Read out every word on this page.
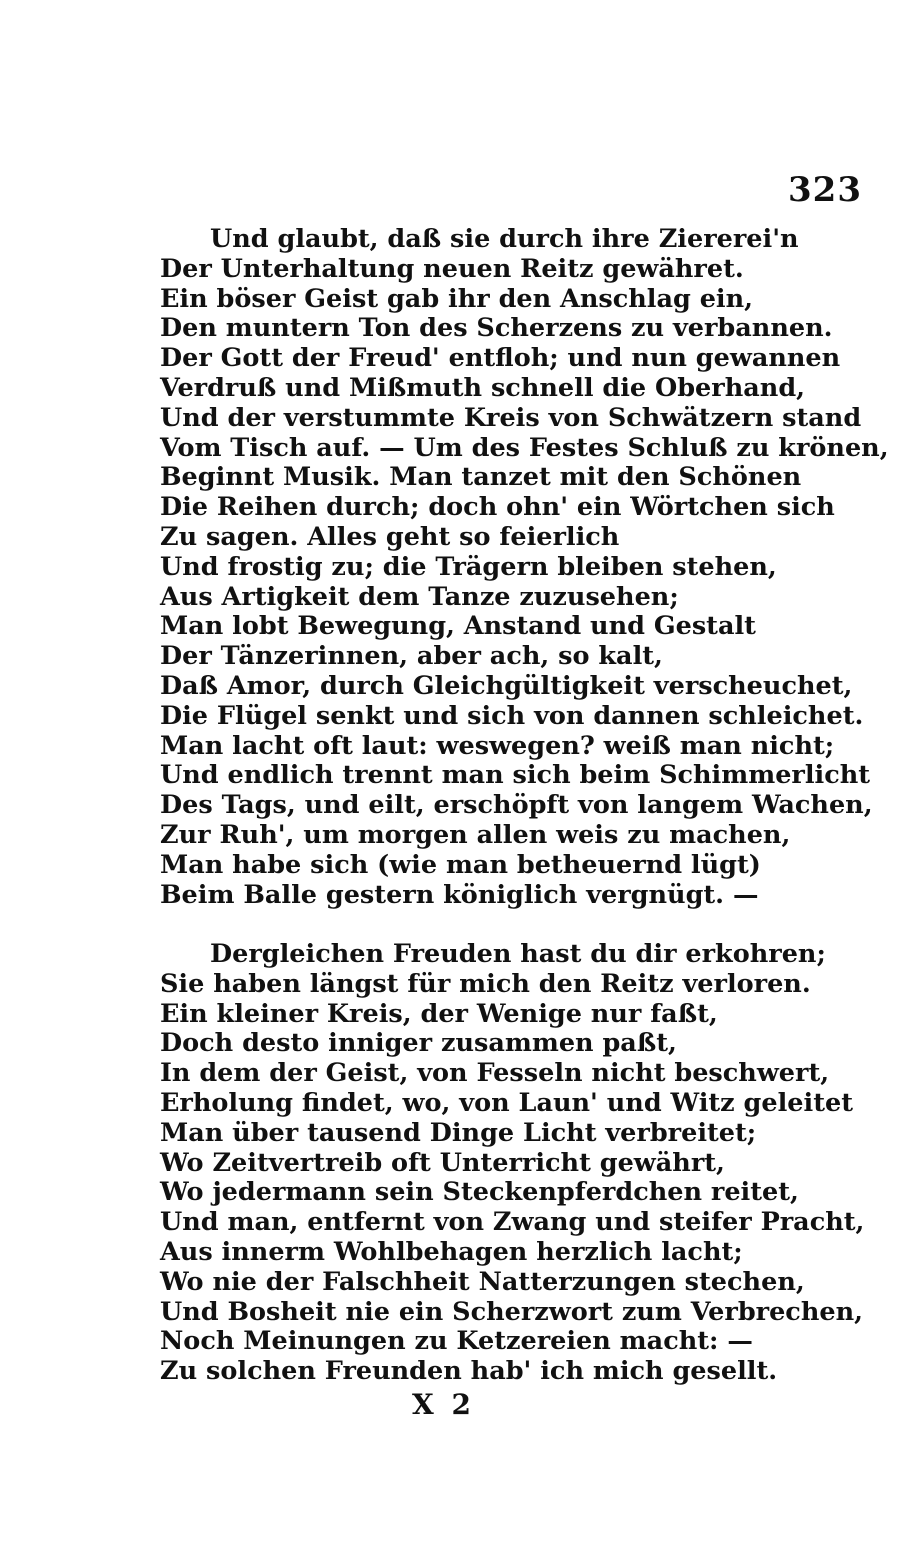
323
Und glaubt, daß sie durch ihre Ziererei'n
Der Unterhaltung neuen Reitz gewähret.
Ein böser Geist gab ihr den Anschlag ein,
Den muntern Ton des Scherzens zu verbannen.
Der Gott der Freud' entfloh; und nun gewannen
Verdruß und Mißmuth schnell die Oberhand,
Und der verstummte Kreis von Schwätzern stand
Vom Tisch auf. — Um des Festes Schluß zu krönen,
Beginnt Musik. Man tanzet mit den Schönen
Die Reihen durch; doch ohn' ein Wörtchen sich
Zu sagen. Alles geht so feierlich
Und frostig zu; die Trägern bleiben stehen,
Aus Artigkeit dem Tanze zuzusehen;
Man lobt Bewegung, Anstand und Gestalt
Der Tänzerinnen, aber ach, so kalt,
Daß Amor, durch Gleichgültigkeit verscheuchet,
Die Flügel senkt und sich von dannen schleichet.
Man lacht oft laut: weswegen? weiß man nicht;
Und endlich trennt man sich beim Schimmerlicht
Des Tags, und eilt, erschöpft von langem Wachen,
Zur Ruh', um morgen allen weis zu machen,
Man habe sich (wie man betheuernd lügt)
Beim Balle gestern königlich vergnügt. —
Dergleichen Freuden hast du dir erkohren;
Sie haben längst für mich den Reitz verloren.
Ein kleiner Kreis, der Wenige nur faßt,
Doch desto inniger zusammen paßt,
In dem der Geist, von Fesseln nicht beschwert,
Erholung findet, wo, von Laun' und Witz geleitet
Man über tausend Dinge Licht verbreitet;
Wo Zeitvertreib oft Unterricht gewährt,
Wo jedermann sein Steckenpferdchen reitet,
Und man, entfernt von Zwang und steifer Pracht,
Aus innerm Wohlbehagen herzlich lacht;
Wo nie der Falschheit Natterzungen stechen,
Und Bosheit nie ein Scherzwort zum Verbrechen,
Noch Meinungen zu Ketzereien macht: —
Zu solchen Freunden hab' ich mich gesellt.
X 2
